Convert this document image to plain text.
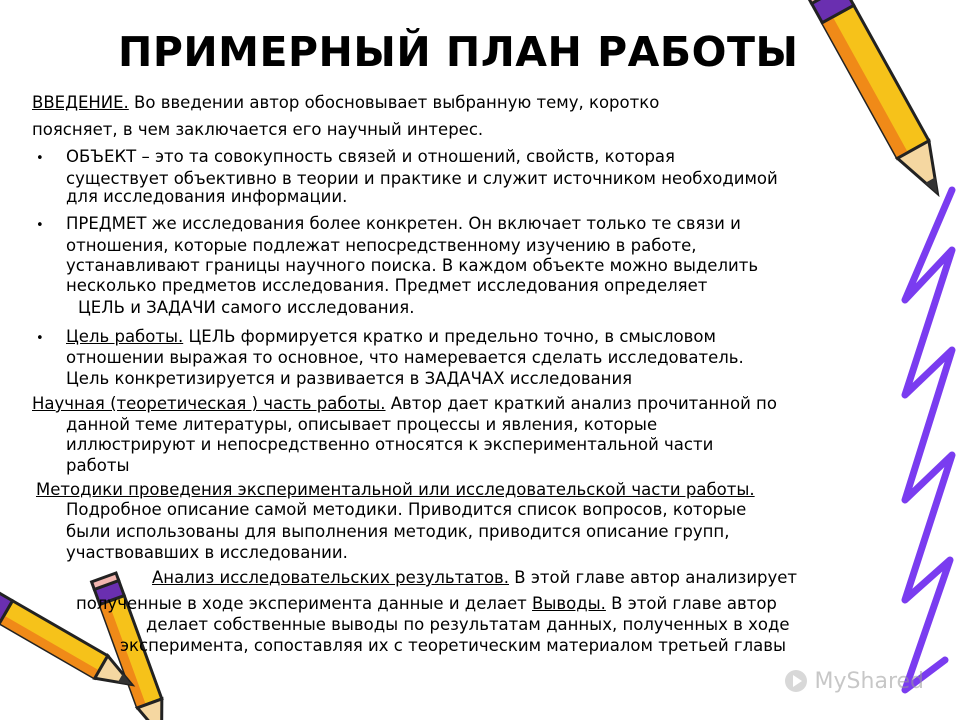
ПРИМЕРНЫЙ ПЛАН РАБОТЫ
ВВЕДЕНИЕ. Во введении автор обосновывает выбранную тему, коротко
поясняет, в чем заключается его научный интерес.
• ОБЪЕКТ – это та совокупность связей и отношений, свойств, которая
существует объективно в теории и практике и служит источником необходимой
для исследования информации.
• ПРЕДМЕТ же исследования более конкретен. Он включает только те связи и
отношения, которые подлежат непосредственному изучению в работе,
устанавливают границы научного поиска. В каждом объекте можно выделить
несколько предметов исследования. Предмет исследования определяет
ЦЕЛЬ и ЗАДАЧИ самого исследования.
• Цель работы. ЦЕЛЬ формируется кратко и предельно точно, в смысловом
отношении выражая то основное, что намеревается сделать исследователь.
Цель конкретизируется и развивается в ЗАДАЧАХ исследования
Научная (теоретическая ) часть работы. Автор дает краткий анализ прочитанной по
данной теме литературы, описывает процессы и явления, которые
иллюстрируют и непосредственно относятся к экспериментальной части
работы
Методики проведения экспериментальной или исследовательской части работы.
Подробное описание самой методики. Приводится список вопросов, которые
были использованы для выполнения методик, приводится описание групп,
участвовавших в исследовании.
Анализ исследовательских результатов. В этой главе автор анализирует
полученные в ходе эксперимента данные и делает Выводы. В этой главе автор
делает собственные выводы по результатам данных, полученных в ходе
эксперимента, сопоставляя их с теоретическим материалом третьей главы
MyShared
